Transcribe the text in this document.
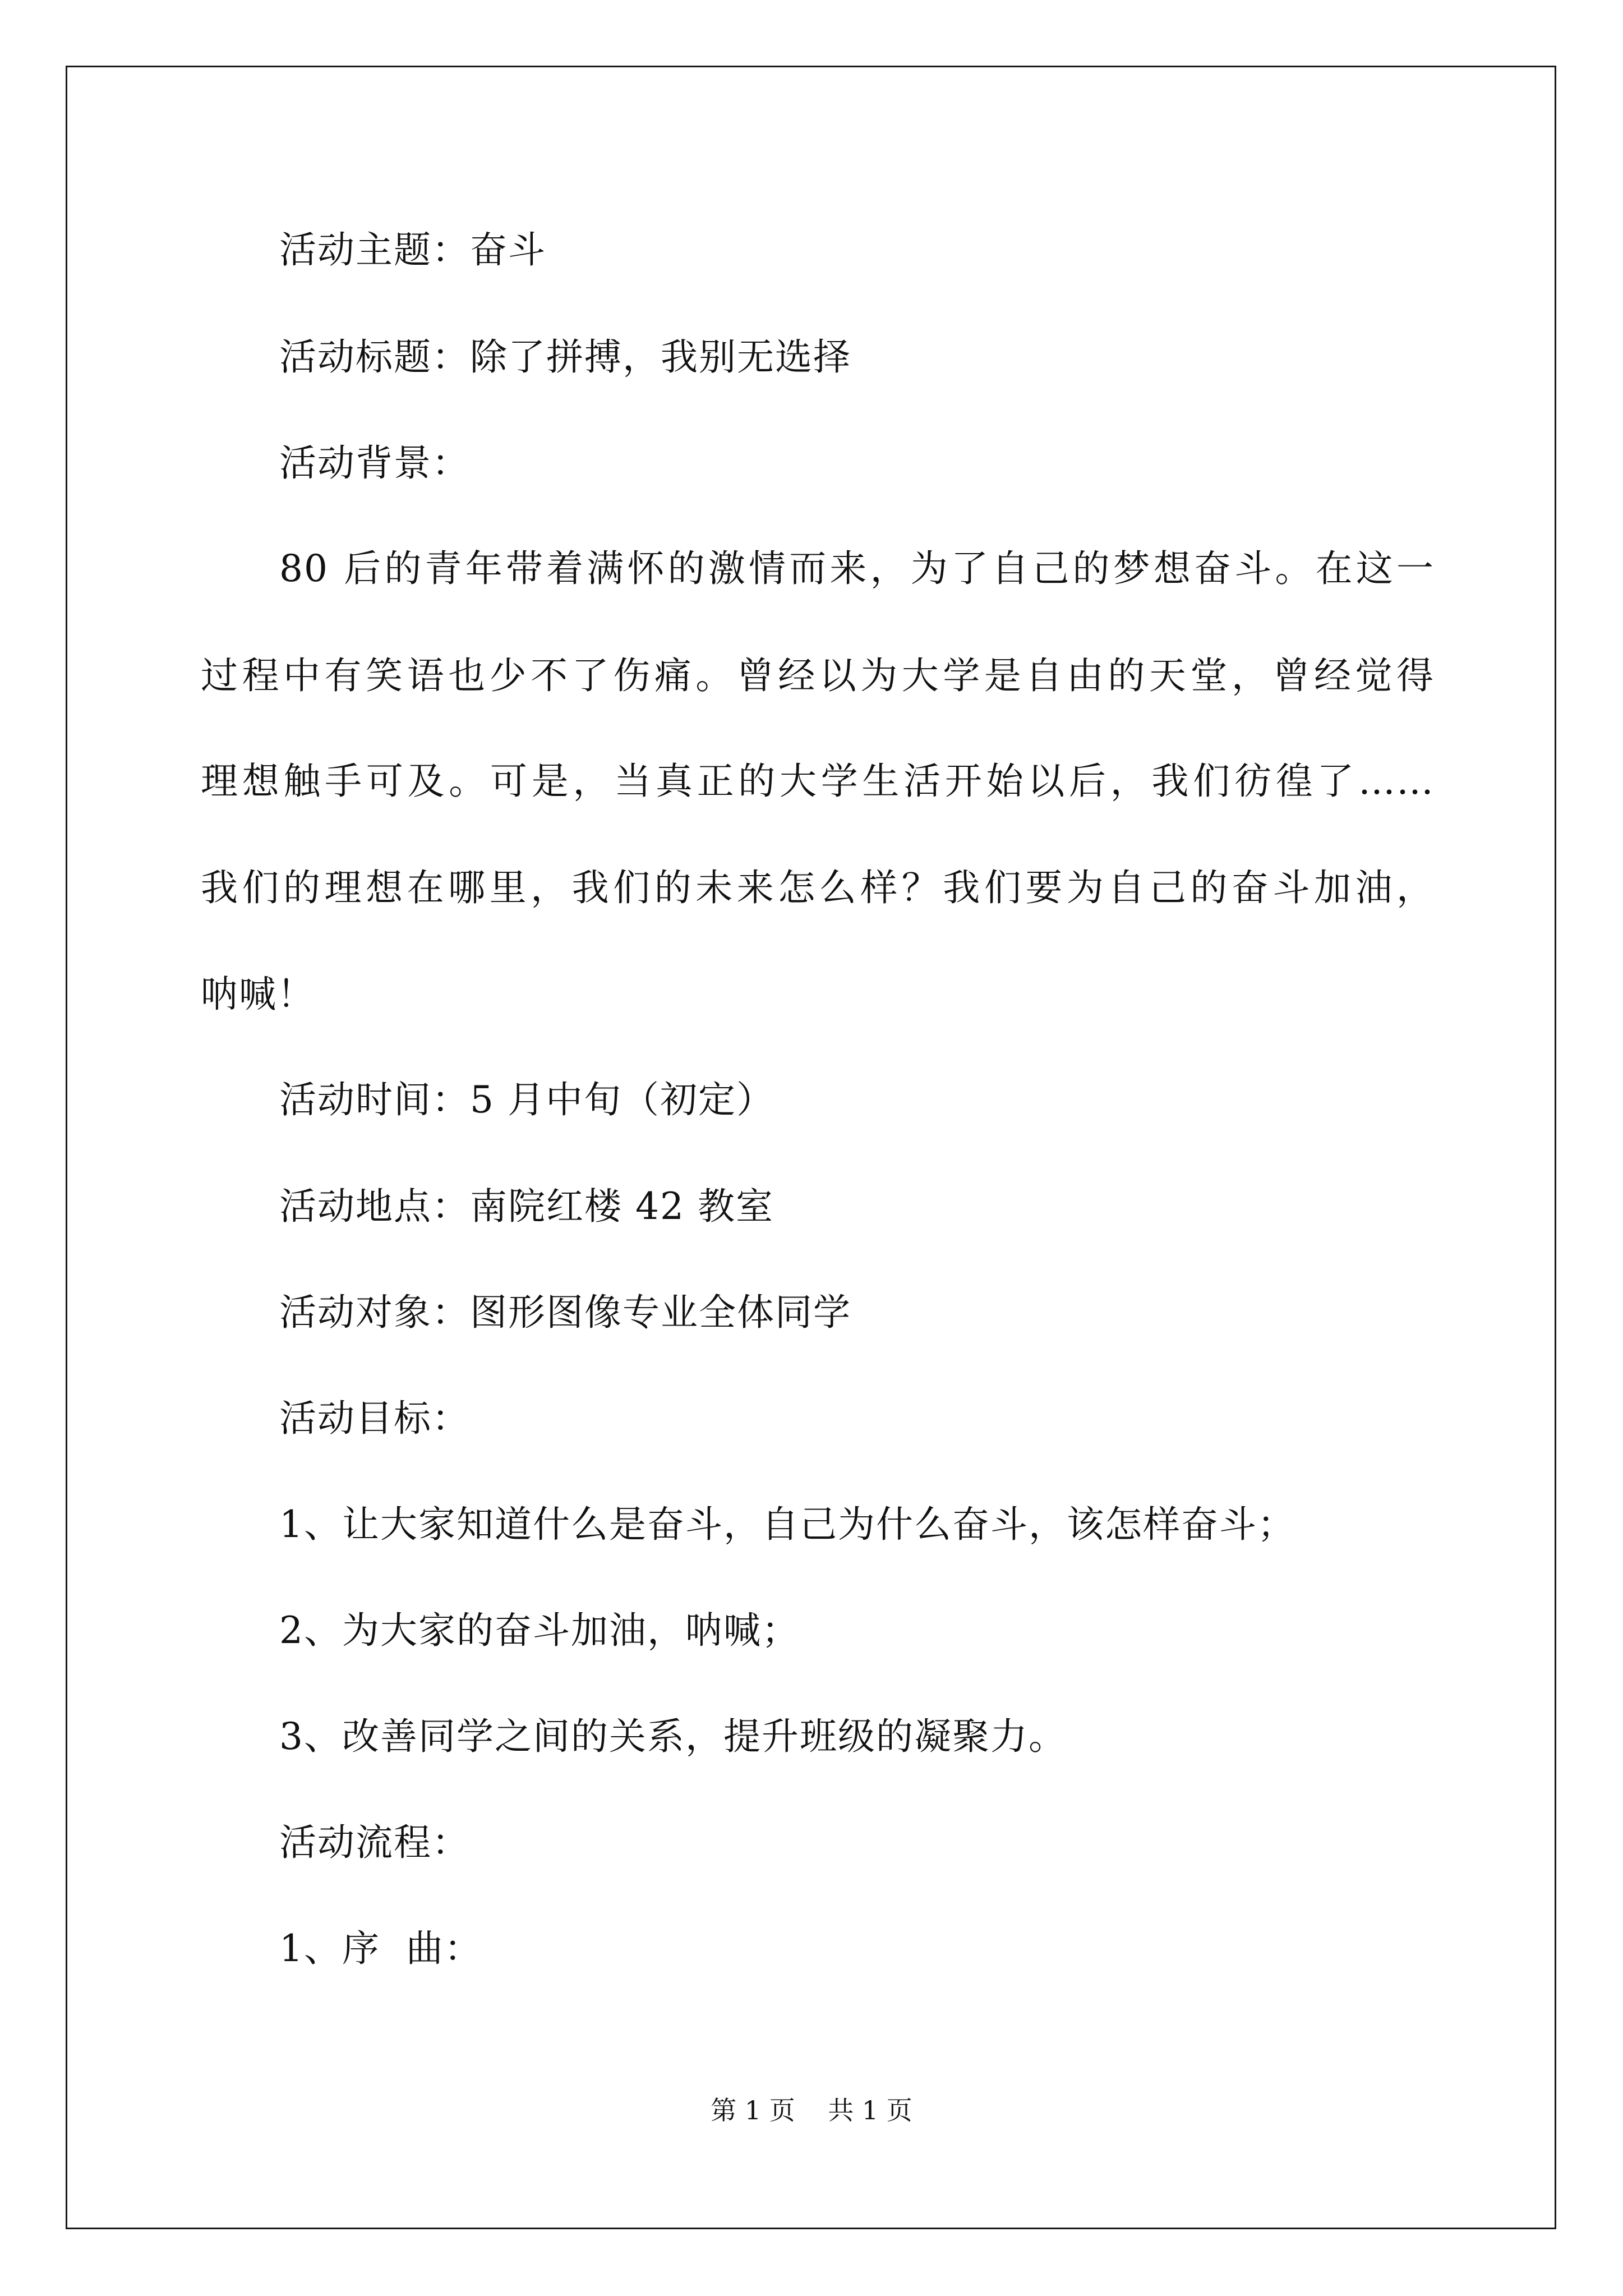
活动主题：奋斗
活动标题：除了拼搏，我别无选择
活动背景：
80 后的青年带着满怀的激情而来，为了自己的梦想奋斗。在这一
过程中有笑语也少不了伤痛。曾经以为大学是自由的天堂，曾经觉得
理想触手可及。可是，当真正的大学生活开始以后，我们彷徨了……
我们的理想在哪里，我们的未来怎么样？我们要为自己的奋斗加油，
呐喊！
活动时间：5 月中旬（初定）
活动地点：南院红楼 42 教室
活动对象：图形图像专业全体同学
活动目标：
1、让大家知道什么是奋斗，自己为什么奋斗，该怎样奋斗；
2、为大家的奋斗加油，呐喊；
3、改善同学之间的关系，提升班级的凝聚力。
活动流程：
1、序  曲：
第 1 页    共 1 页
